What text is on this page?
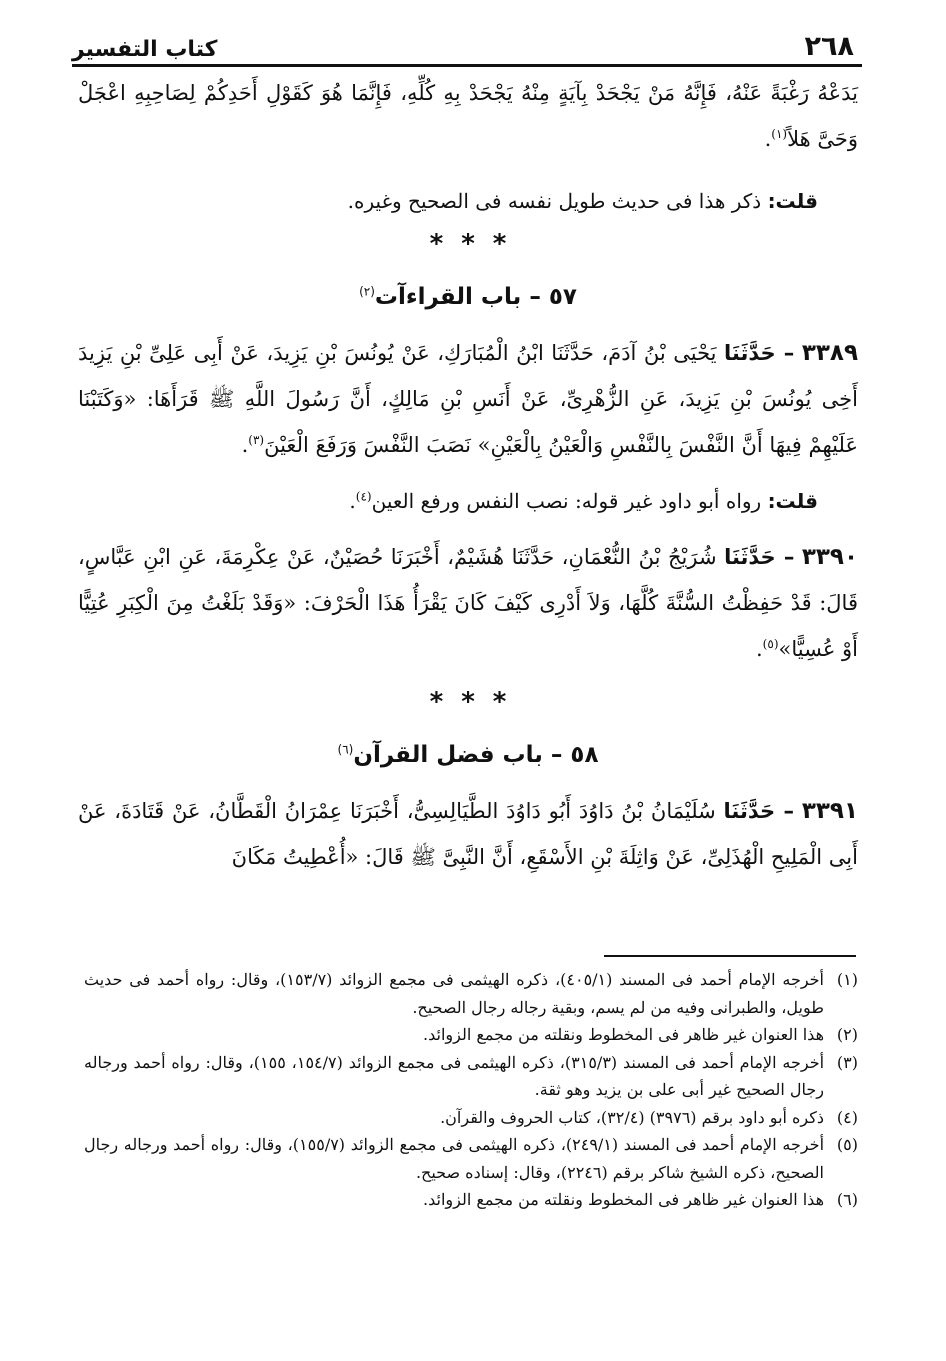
٢٦٨
كتاب التفسير

يَدَعْهُ رَغْبَةً عَنْهُ، فَإِنَّهُ مَنْ يَجْحَدْ بِآيَةٍ مِنْهُ يَجْحَدْ بِهِ كُلِّهِ، فَإِنَّمَا هُوَ كَقَوْلِ أَحَدِكُمْ لِصَاحِبِهِ اعْجَلْ وَحَىَّ هَلاً$^{(١)}$.

قلت: ذكر هذا فى حديث طويل نفسه فى الصحيح وغيره.

***
٥٧ – باب القراءآت$^{(٢)}$

٣٣٨٩ – حَدَّثَنَا يَحْيَى بْنُ آدَمَ، حَدَّثَنَا ابْنُ الْمُبَارَكِ، عَنْ يُونُسَ بْنِ يَزِيدَ، عَنْ أَبِى عَلِىِّ بْنِ يَزِيدَ أَخِى يُونُسَ بْنِ يَزِيدَ، عَنِ الزُّهْرِىِّ، عَنْ أَنَسِ بْنِ مَالِكٍ، أَنَّ رَسُولَ اللَّهِ ﷺ قَرَأَهَا: «وَكَتَبْنَا عَلَيْهِمْ فِيهَا أَنَّ النَّفْسَ بِالنَّفْسِ وَالْعَيْنُ بِالْعَيْنِ» نَصَبَ النَّفْسَ وَرَفَعَ الْعَيْنَ$^{(٣)}$.

قلت: رواه أبو داود غير قوله: نصب النفس ورفع العين$^{(٤)}$.

٣٣٩٠ – حَدَّثَنَا شُرَيْجُ بْنُ النُّعْمَانِ، حَدَّثَنَا هُشَيْمٌ، أَخْبَرَنَا حُصَيْنٌ، عَنْ عِكْرِمَةَ، عَنِ ابْنِ عَبَّاسٍ، قَالَ: قَدْ حَفِظْتُ السُّنَّةَ كُلَّهَا، وَلاَ أَدْرِى كَيْفَ كَانَ يَقْرَأُ هَذَا الْحَرْفَ: «وَقَدْ بَلَغْتُ مِنَ الْكِبَرِ عُتِيًّا أَوْ عُسِيًّا»$^{(٥)}$.

***
٥٨ – باب فضل القرآن$^{(٦)}$

٣٣٩١ – حَدَّثَنَا سُلَيْمَانُ بْنُ دَاوُدَ أَبُو دَاوُدَ الطَّيَالِسِىُّ، أَخْبَرَنَا عِمْرَانُ الْقَطَّانُ، عَنْ قَتَادَةَ، عَنْ أَبِى الْمَلِيحِ الْهُذَلِىِّ، عَنْ وَاثِلَةَ بْنِ الأَسْقَعِ، أَنَّ النَّبِىَّ ﷺ قَالَ: «أُعْطِيتُ مَكَانَ

(١)
أخرجه الإمام أحمد فى المسند (٤٠٥/١)، ذكره الهيثمى فى مجمع الزوائد (١٥٣/٧)، وقال: رواه أحمد فى حديث طويل، والطبرانى وفيه من لم يسم، وبقية رجاله رجال الصحيح.
(٢)
هذا العنوان غير ظاهر فى المخطوط ونقلته من مجمع الزوائد.
(٣)
أخرجه الإمام أحمد فى المسند (٣١٥/٣)، ذكره الهيثمى فى مجمع الزوائد (١٥٤/٧، ١٥٥)، وقال: رواه أحمد ورجاله رجال الصحيح غير أبى على بن يزيد وهو ثقة.
(٤)
ذكره أبو داود برقم (٣٩٧٦) (٣٢/٤)، كتاب الحروف والقرآن.
(٥)
أخرجه الإمام أحمد فى المسند (٢٤٩/١)، ذكره الهيثمى فى مجمع الزوائد (١٥٥/٧)، وقال: رواه أحمد ورجاله رجال الصحيح، ذكره الشيخ شاكر برقم (٢٢٤٦)، وقال: إسناده صحيح.
(٦)
هذا العنوان غير ظاهر فى المخطوط ونقلته من مجمع الزوائد.
